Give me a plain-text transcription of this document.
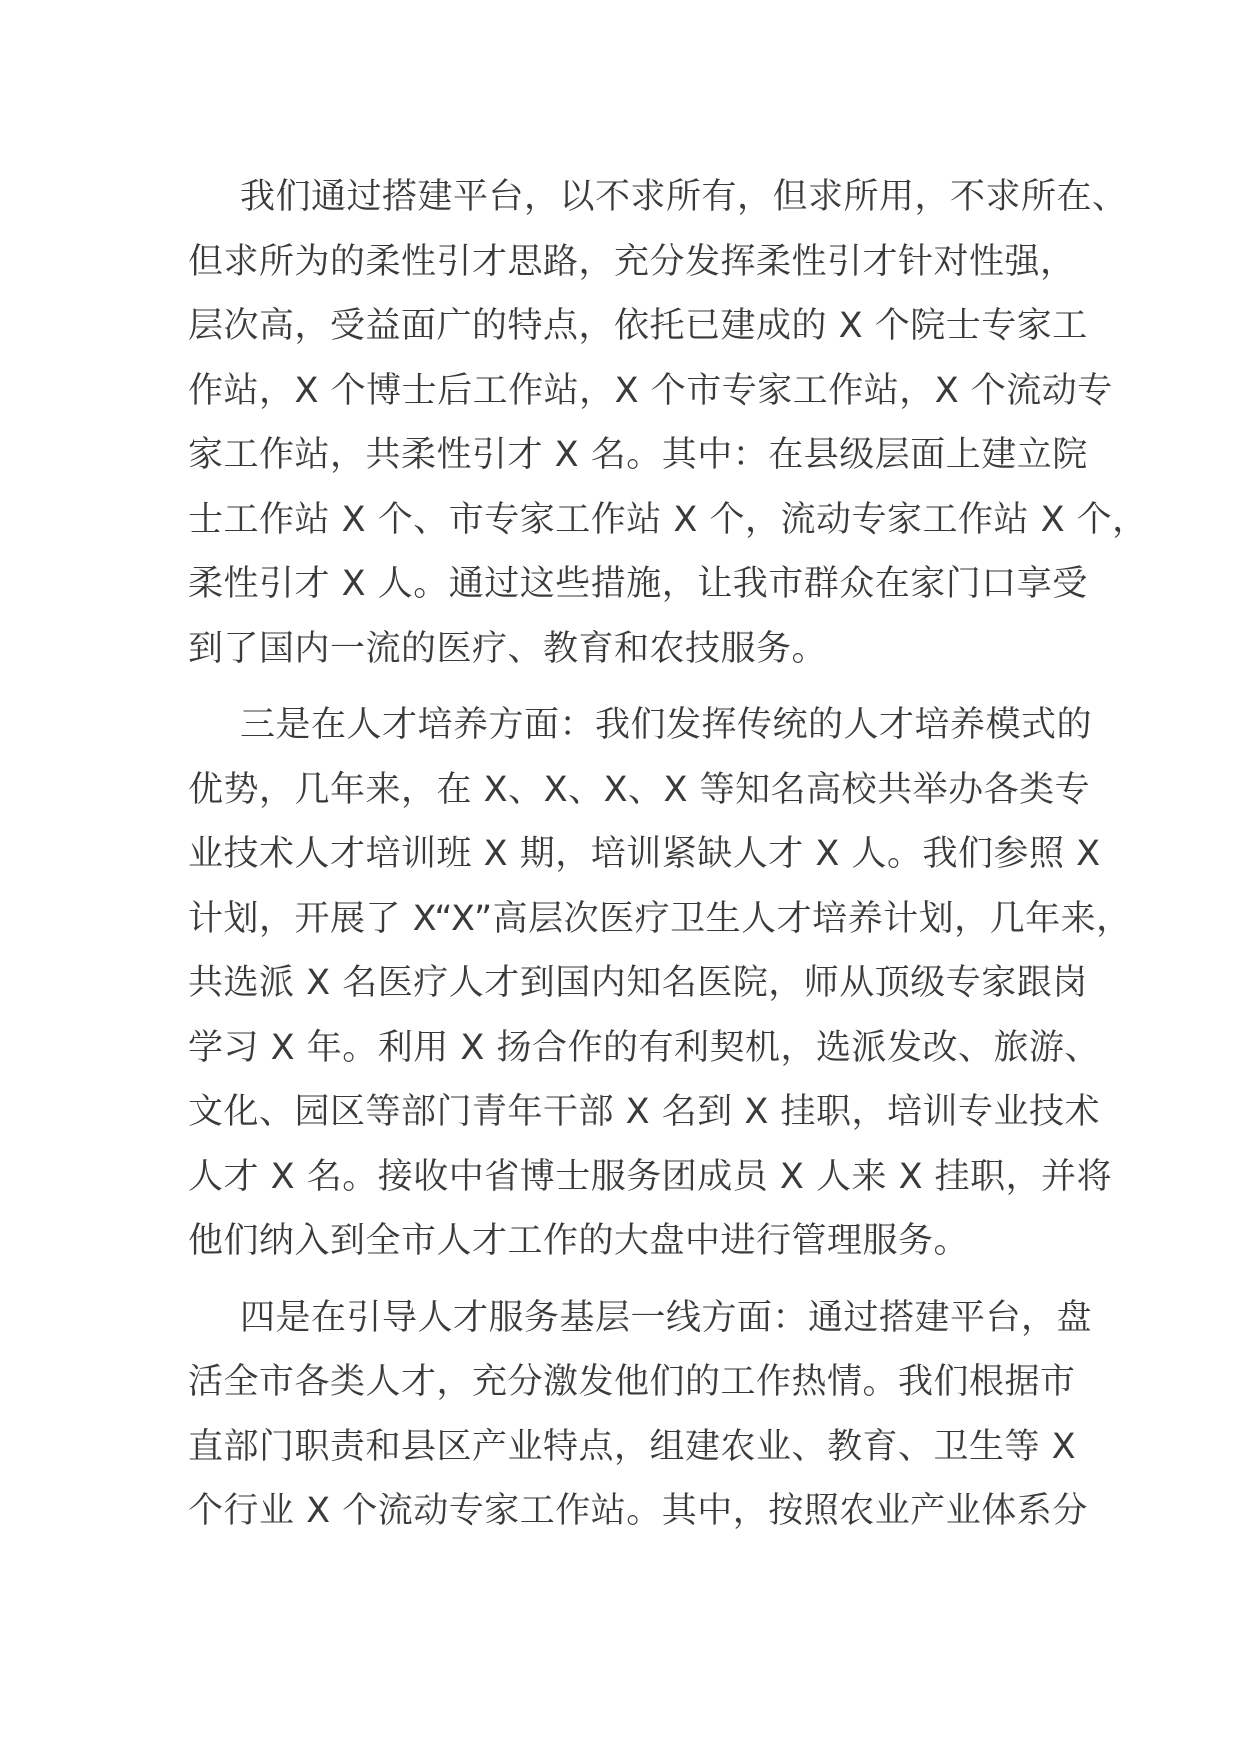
我们通过搭建平台，以不求所有，但求所用，不求所在、
但求所为的柔性引才思路，充分发挥柔性引才针对性强，
层次高，受益面广的特点，依托已建成的 X 个院士专家工
作站，X 个博士后工作站，X 个市专家工作站，X 个流动专
家工作站，共柔性引才 X 名。其中：在县级层面上建立院
士工作站 X 个、市专家工作站 X 个，流动专家工作站 X 个，
柔性引才 X 人。通过这些措施，让我市群众在家门口享受
到了国内一流的医疗、教育和农技服务。
三是在人才培养方面：我们发挥传统的人才培养模式的
优势，几年来，在 X、X、X、X 等知名高校共举办各类专
业技术人才培训班 X 期，培训紧缺人才 X 人。我们参照 X
计划，开展了 X“X”高层次医疗卫生人才培养计划，几年来，
共选派 X 名医疗人才到国内知名医院，师从顶级专家跟岗
学习 X 年。利用 X 扬合作的有利契机，选派发改、旅游、
文化、园区等部门青年干部 X 名到 X 挂职，培训专业技术
人才 X 名。接收中省博士服务团成员 X 人来 X 挂职，并将
他们纳入到全市人才工作的大盘中进行管理服务。
四是在引导人才服务基层一线方面：通过搭建平台，盘
活全市各类人才，充分激发他们的工作热情。我们根据市
直部门职责和县区产业特点，组建农业、教育、卫生等 X
个行业 X 个流动专家工作站。其中，按照农业产业体系分
